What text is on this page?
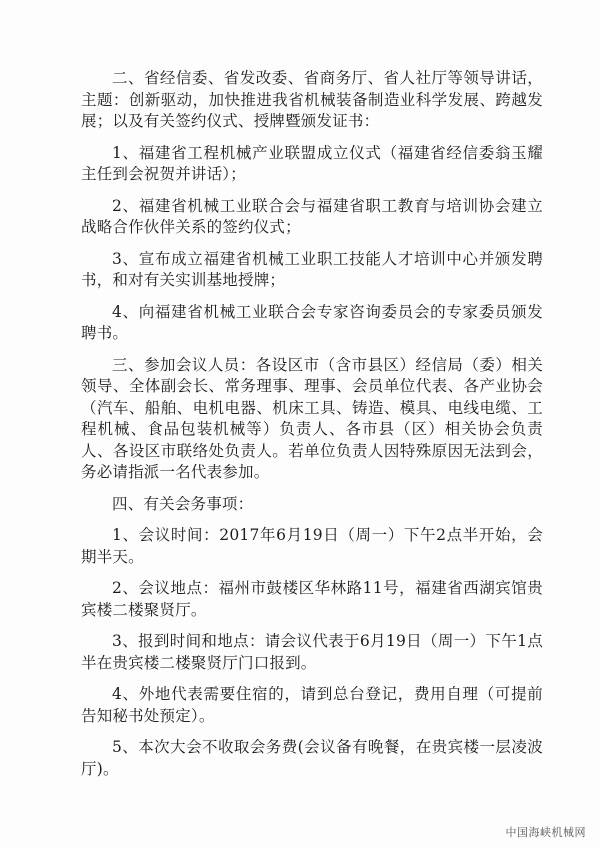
二、省经信委、省发改委、省商务厅、省人社厅等领导讲话，主题：创新驱动，加快推进我省机械装备制造业科学发展、跨越发展；以及有关签约仪式、授牌暨颁发证书：

1、福建省工程机械产业联盟成立仪式（福建省经信委翁玉耀主任到会祝贺并讲话）；

2、福建省机械工业联合会与福建省职工教育与培训协会建立战略合作伙伴关系的签约仪式；

3、宣布成立福建省机械工业职工技能人才培训中心并颁发聘书，和对有关实训基地授牌；

4、向福建省机械工业联合会专家咨询委员会的专家委员颁发聘书。

三、参加会议人员：各设区市（含市县区）经信局（委）相关领导、全体副会长、常务理事、理事、会员单位代表、各产业协会（汽车、船舶、电机电器、机床工具、铸造、模具、电线电缆、工程机械、食品包装机械等）负责人、各市县（区）相关协会负责人、各设区市联络处负责人。若单位负责人因特殊原因无法到会，务必请指派一名代表参加。

四、有关会务事项：

1、会议时间：2017年6月19日（周一）下午2点半开始，会期半天。

2、会议地点：福州市鼓楼区华林路11号，福建省西湖宾馆贵宾楼二楼聚贤厅。

3、报到时间和地点：请会议代表于6月19日（周一）下午1点半在贵宾楼二楼聚贤厅门口报到。

4、外地代表需要住宿的，请到总台登记，费用自理（可提前告知秘书处预定）。

5、本次大会不收取会务费(会议备有晚餐，在贵宾楼一层凌波厅)。

中国海峡机械网
